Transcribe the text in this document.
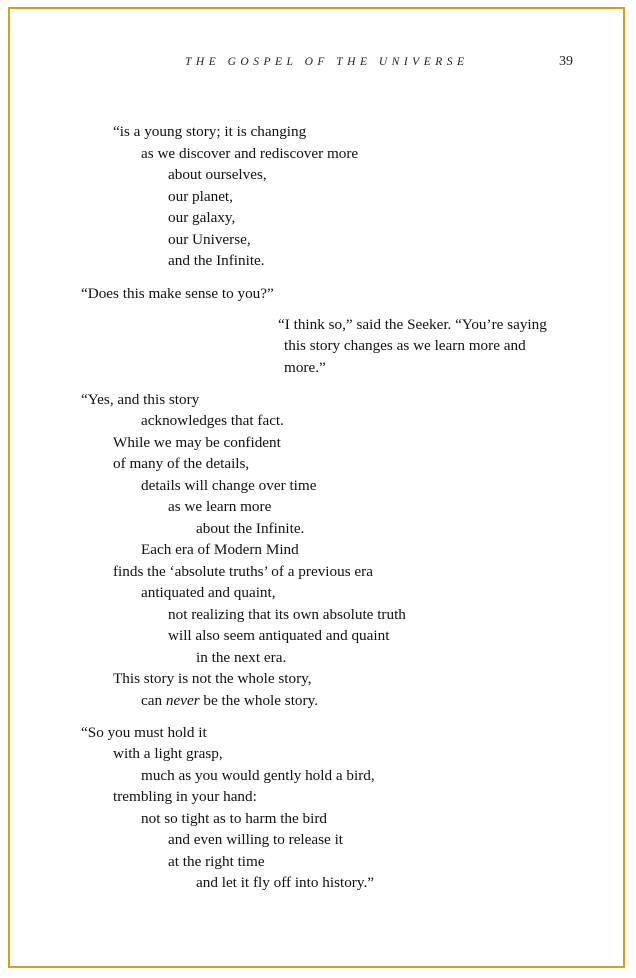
THE GOSPEL OF THE UNIVERSE	39
“is a young story; it is changing
as we discover and rediscover more
about ourselves,
our planet,
our galaxy,
our Universe,
and the Infinite.
“Does this make sense to you?”
“I think so,” said the Seeker. “You’re saying
this story changes as we learn more and
more.”
“Yes, and this story
acknowledges that fact.
While we may be confident
of many of the details,
details will change over time
as we learn more
about the Infinite.
Each era of Modern Mind
finds the ‘absolute truths’ of a previous era
antiquated and quaint,
not realizing that its own absolute truth
will also seem antiquated and quaint
in the next era.
This story is not the whole story,
can never be the whole story.
“So you must hold it
with a light grasp,
much as you would gently hold a bird,
trembling in your hand:
not so tight as to harm the bird
and even willing to release it
at the right time
and let it fly off into history.”
